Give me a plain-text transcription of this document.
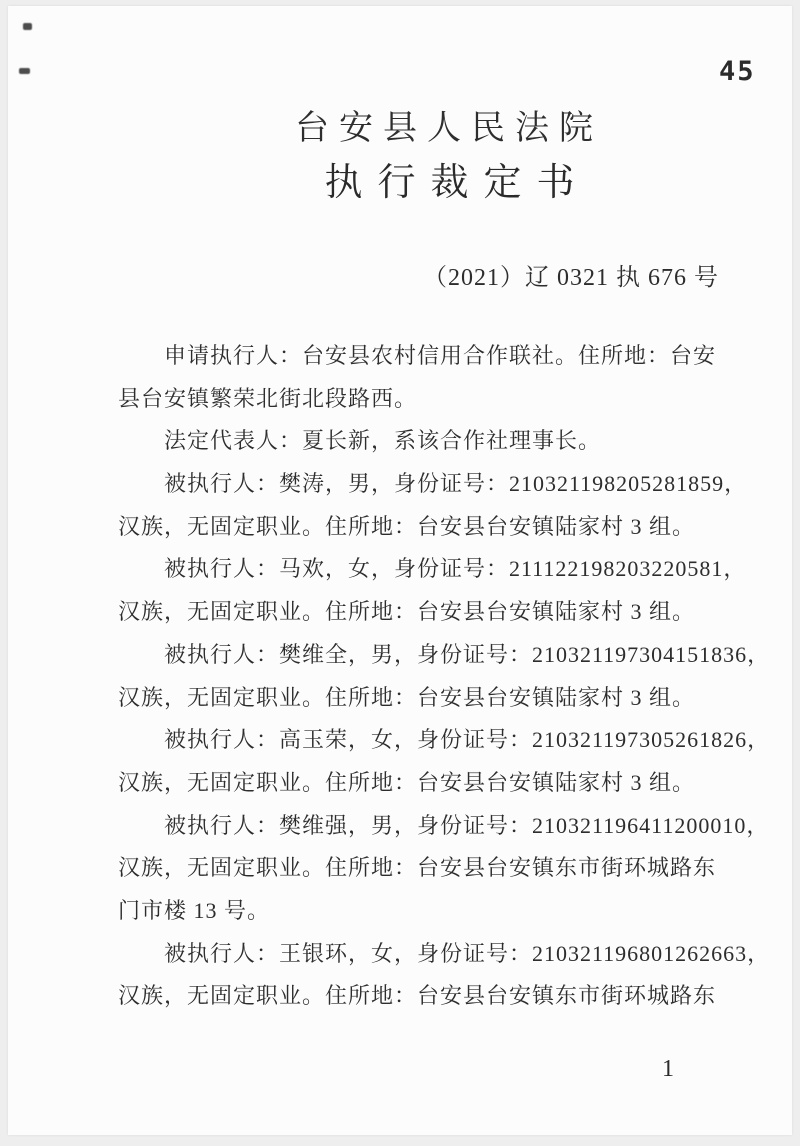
45
台安县人民法院
执行裁定书
（2021）辽 0321 执 676 号
申请执行人：台安县农村信用合作联社。住所地：台安
县台安镇繁荣北街北段路西。
法定代表人：夏长新，系该合作社理事长。
被执行人：樊涛，男，身份证号：210321198205281859，
汉族，无固定职业。住所地：台安县台安镇陆家村 3 组。
被执行人：马欢，女，身份证号：211122198203220581，
汉族，无固定职业。住所地：台安县台安镇陆家村 3 组。
被执行人：樊维全，男，身份证号：210321197304151836，
汉族，无固定职业。住所地：台安县台安镇陆家村 3 组。
被执行人：高玉荣，女，身份证号：210321197305261826，
汉族，无固定职业。住所地：台安县台安镇陆家村 3 组。
被执行人：樊维强，男，身份证号：210321196411200010，
汉族，无固定职业。住所地：台安县台安镇东市街环城路东
门市楼 13 号。
被执行人：王银环，女，身份证号：210321196801262663，
汉族，无固定职业。住所地：台安县台安镇东市街环城路东
1
